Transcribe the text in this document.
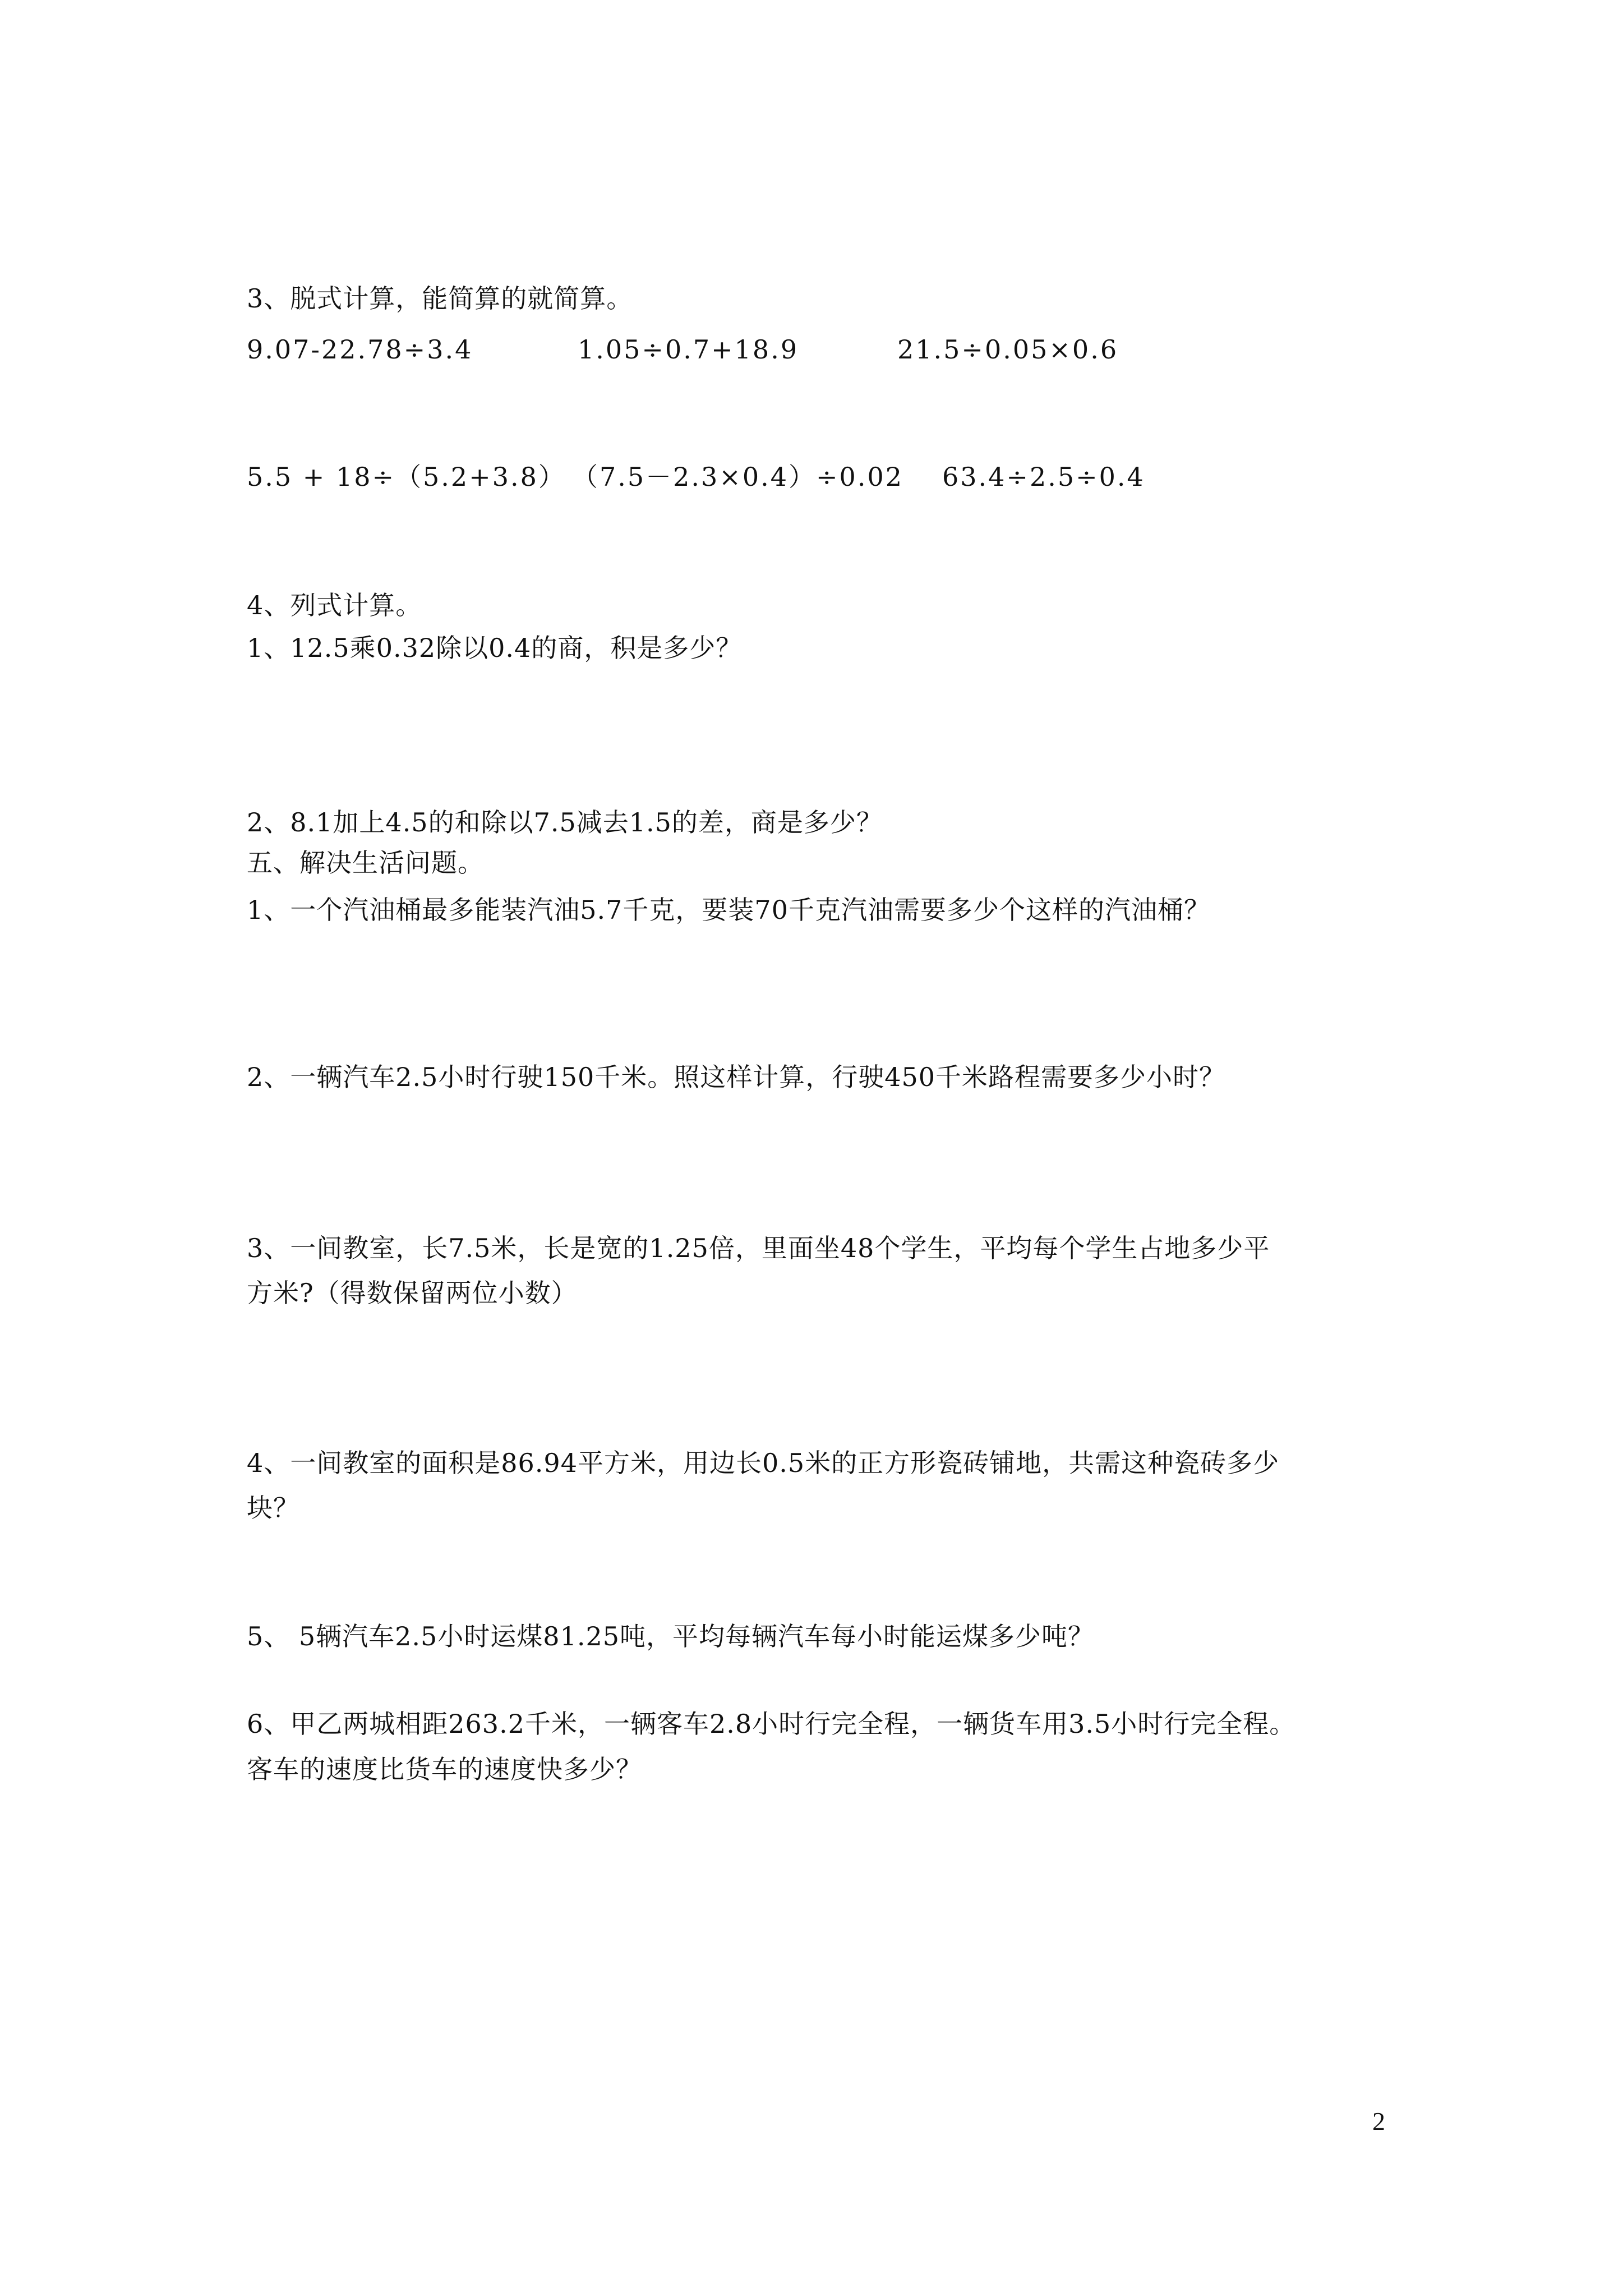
3、脱式计算，能简算的就简算。
9.07-22.78÷3.4	1.05÷0.7+18.9	21.5÷0.05×0.6
5.5 + 18÷（5.2+3.8） （7.5－2.3×0.4）÷0.02 63.4÷2.5÷0.4
4、列式计算。
1、12.5乘0.32除以0.4的商，积是多少？
2、8.1加上4.5的和除以7.5减去1.5的差，商是多少？
五、解决生活问题。
1、一个汽油桶最多能装汽油5.7千克，要装70千克汽油需要多少个这样的汽油桶？
2、一辆汽车2.5小时行驶150千米。照这样计算，行驶450千米路程需要多少小时？
3、一间教室，长7.5米，长是宽的1.25倍，里面坐48个学生，平均每个学生占地多少平
方米?（得数保留两位小数）
4、一间教室的面积是86.94平方米，用边长0.5米的正方形瓷砖铺地，共需这种瓷砖多少
块？
5、 5辆汽车2.5小时运煤81.25吨，平均每辆汽车每小时能运煤多少吨？
6、甲乙两城相距263.2千米，一辆客车2.8小时行完全程，一辆货车用3.5小时行完全程。
客车的速度比货车的速度快多少？
2
